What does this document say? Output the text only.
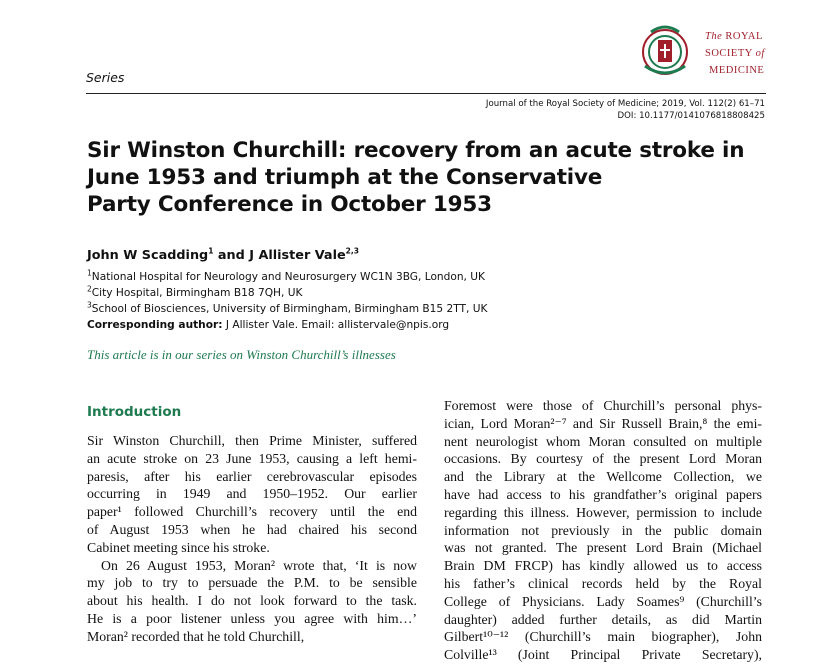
Series
The ROYAL
SOCIETY of
MEDICINE
Journal of the Royal Society of Medicine; 2019, Vol. 112(2) 61–71
DOI: 10.1177/0141076818808425
Sir Winston Churchill: recovery from an acute stroke in
June 1953 and triumph at the Conservative
Party Conference in October 1953
John W Scadding$^1$ and J Allister Vale$^{2,3}$
$^1$National Hospital for Neurology and Neurosurgery WC1N 3BG, London, UK
$^2$City Hospital, Birmingham B18 7QH, UK
$^3$School of Biosciences, University of Birmingham, Birmingham B15 2TT, UK
Corresponding author: J Allister Vale. Email: allistervale@npis.org
This article is in our series on Winston Churchill’s illnesses
Introduction
Sir Winston Churchill, then Prime Minister, suffered
an acute stroke on 23 June 1953, causing a left hemi-
paresis, after his earlier cerebrovascular episodes
occurring in 1949 and 1950–1952. Our earlier
paper¹ followed Churchill’s recovery until the end
of August 1953 when he had chaired his second
Cabinet meeting since his stroke.
On 26 August 1953, Moran² wrote that, ‘It is now
my job to try to persuade the P.M. to be sensible
about his health. I do not look forward to the task.
He is a poor listener unless you agree with him…’
Moran² recorded that he told Churchill,
Foremost were those of Churchill’s personal phys-
ician, Lord Moran²⁻⁷ and Sir Russell Brain,⁸ the emi-
nent neurologist whom Moran consulted on multiple
occasions. By courtesy of the present Lord Moran
and the Library at the Wellcome Collection, we
have had access to his grandfather’s original papers
regarding this illness. However, permission to include
information not previously in the public domain
was not granted. The present Lord Brain (Michael
Brain DM FRCP) has kindly allowed us to access
his father’s clinical records held by the Royal
College of Physicians. Lady Soames⁹ (Churchill’s
daughter) added further details, as did Martin
Gilbert¹⁰⁻¹² (Churchill’s main biographer), John
Colville¹³ (Joint Principal Private Secretary),
